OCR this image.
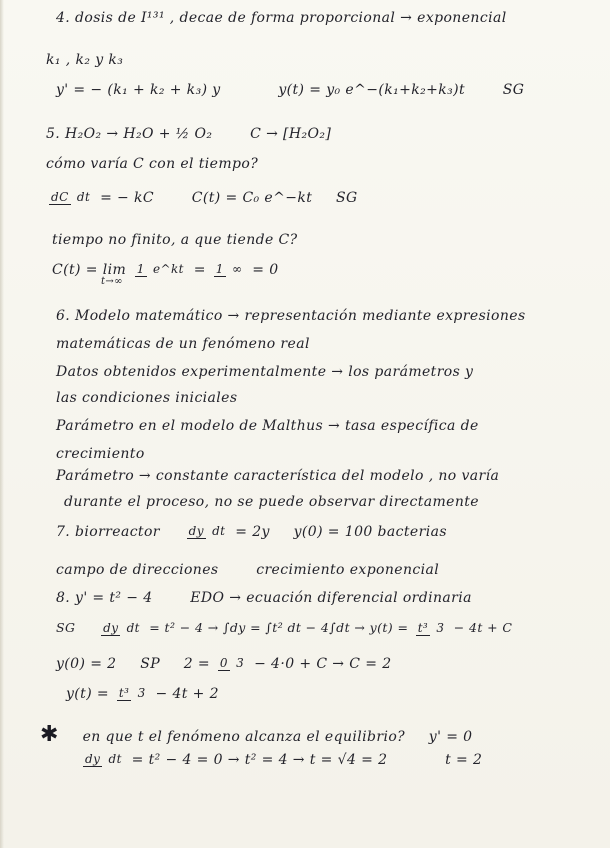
4. dosis de I¹³¹ , decae de forma proporcional → exponencial
k₁ , k₂ y k₃
y' = − (k₁ + k₂ + k₃) y	y(t) = y₀ e^−(k₁+k₂+k₃)t	SG
5. H₂O₂ → H₂O + ½ O₂	C → [H₂O₂]
cómo varía C con el tiempo?
dC dt = − kC	C(t) = C₀ e^−kt SG
tiempo no finito, a que tiende C?
C(t) = lim t→∞ 1 e^kt = 1 ∞ = 0
6. Modelo matemático → representación mediante expresiones
matemáticas de un fenómeno real
Datos obtenidos experimentalmente → los parámetros y
las condiciones iniciales
Parámetro en el modelo de Malthus → tasa específica de
crecimiento
Parámetro → constante característica del modelo , no varía
durante el proceso, no se puede observar directamente
7. biorreactor dy dt = 2y y(0) = 100 bacterias
campo de direcciones	crecimiento exponencial
8. y' = t² − 4	EDO → ecuación diferencial ordinaria
SG dy dt = t² − 4 → ∫dy = ∫t² dt − 4∫dt → y(t) = t³ 3 − 4t + C
y(0) = 2 SP 2 = 0 3 − 4·0 + C → C = 2
y(t) = t³ 3 − 4t + 2
✱ en que t el fenómeno alcanza el equilibrio? y' = 0
dy dt = t² − 4 = 0 → t² = 4 → t = √4 = 2	t = 2
